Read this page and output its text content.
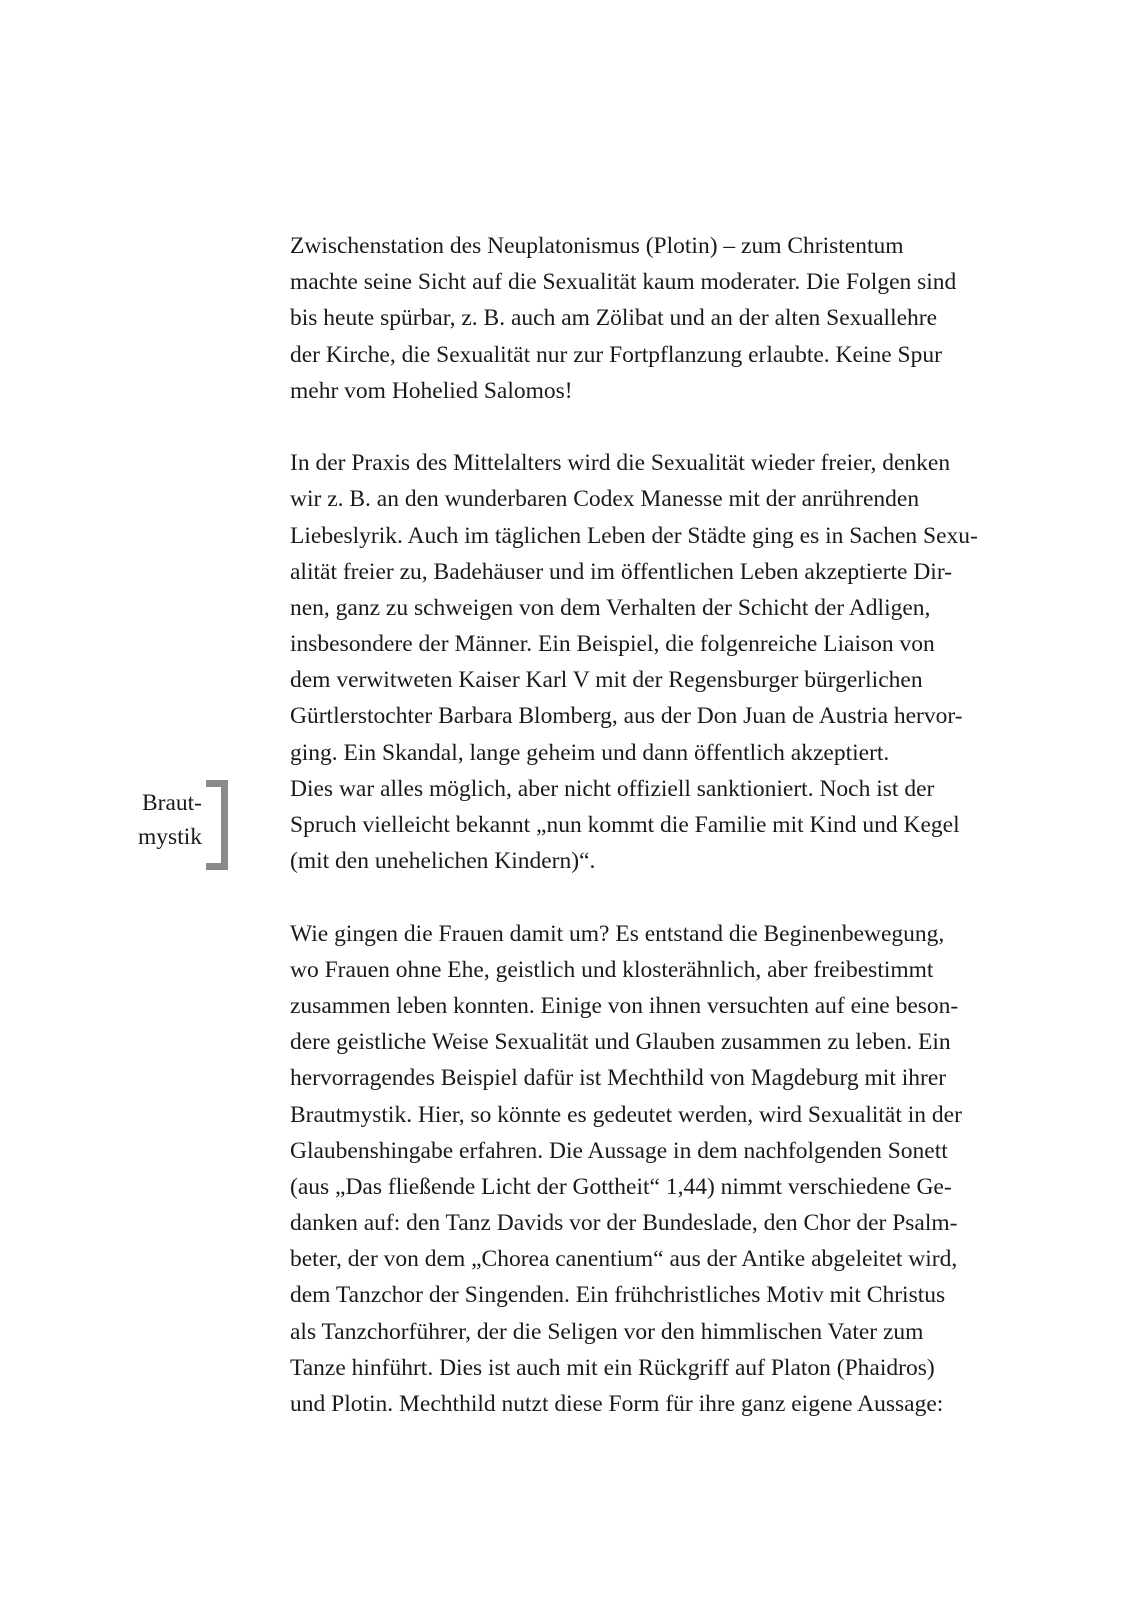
Braut-
mystik
Zwischenstation des Neuplatonismus (Plotin) – zum Christentum
machte seine Sicht auf die Sexualität kaum moderater. Die Folgen sind
bis heute spürbar, z. B. auch am Zölibat und an der alten Sexuallehre
der Kirche, die Sexualität nur zur Fortpflanzung erlaubte. Keine Spur
mehr vom Hohelied Salomos!
In der Praxis des Mittelalters wird die Sexualität wieder freier, denken
wir z. B. an den wunderbaren Codex Manesse mit der anrührenden
Liebeslyrik. Auch im täglichen Leben der Städte ging es in Sachen Sexu-
alität freier zu, Badehäuser und im öffentlichen Leben akzeptierte Dir-
nen, ganz zu schweigen von dem Verhalten der Schicht der Adligen,
insbesondere der Männer. Ein Beispiel, die folgenreiche Liaison von
dem verwitweten Kaiser Karl V mit der Regensburger bürgerlichen
Gürtlerstochter Barbara Blomberg, aus der Don Juan de Austria hervor-
ging. Ein Skandal, lange geheim und dann öffentlich akzeptiert.
Dies war alles möglich, aber nicht offiziell sanktioniert. Noch ist der
Spruch vielleicht bekannt „nun kommt die Familie mit Kind und Kegel
(mit den unehelichen Kindern)“.
Wie gingen die Frauen damit um? Es entstand die Beginenbewegung,
wo Frauen ohne Ehe, geistlich und klosterähnlich, aber freibestimmt
zusammen leben konnten. Einige von ihnen versuchten auf eine beson-
dere geistliche Weise Sexualität und Glauben zusammen zu leben. Ein
hervorragendes Beispiel dafür ist Mechthild von Magdeburg mit ihrer
Brautmystik. Hier, so könnte es gedeutet werden, wird Sexualität in der
Glaubenshingabe erfahren. Die Aussage in dem nachfolgenden Sonett
(aus „Das fließende Licht der Gottheit“ 1,44) nimmt verschiedene Ge-
danken auf: den Tanz Davids vor der Bundeslade, den Chor der Psalm-
beter, der von dem „Chorea canentium“ aus der Antike abgeleitet wird,
dem Tanzchor der Singenden. Ein frühchristliches Motiv mit Christus
als Tanzchorführer, der die Seligen vor den himmlischen Vater zum
Tanze hinführt. Dies ist auch mit ein Rückgriff auf Platon (Phaidros)
und Plotin. Mechthild nutzt diese Form für ihre ganz eigene Aussage:
